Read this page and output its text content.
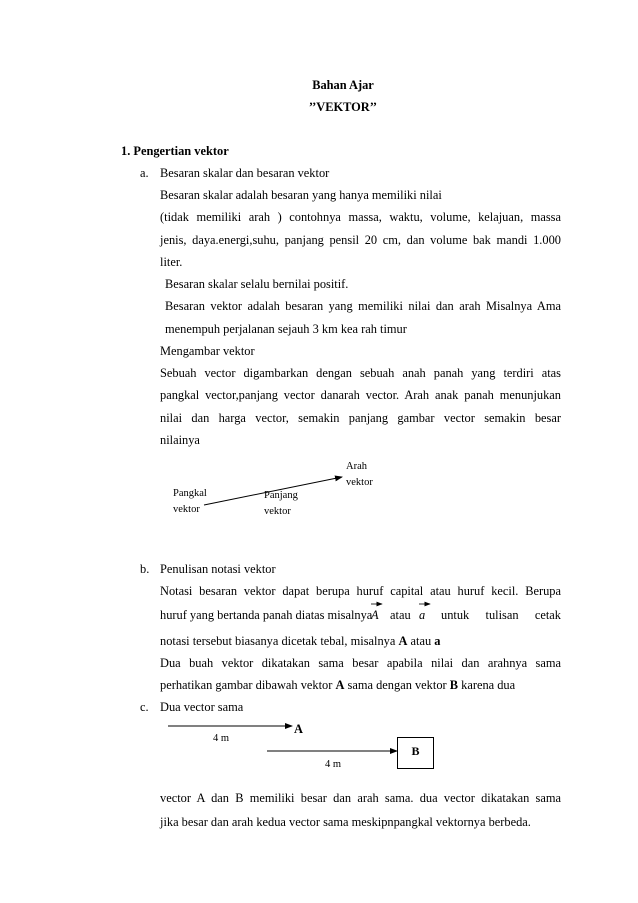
Bahan Ajar
’’VEKTOR’’
1. Pengertian vektor
a. Besaran skalar dan besaran vektor
Besaran skalar adalah besaran yang hanya memiliki nilai
(tidak memiliki arah ) contohnya massa, waktu, volume, kelajuan, massa
jenis, daya.energi,suhu, panjang pensil 20 cm, dan volume bak mandi 1.000
liter.
Besaran skalar selalu bernilai positif.
Besaran vektor adalah besaran yang memiliki nilai dan arah Misalnya Ama
menempuh perjalanan sejauh 3 km kea rah timur
Mengambar vektor
Sebuah vector digambarkan dengan sebuah anah panah yang terdiri atas
pangkal vector,panjang vector danarah vector. Arah anak panah menunjukan
nilai dan harga vector, semakin panjang gambar vector semakin besar
nilainya
Arah
vektor
Pangkal
vektor
Panjang
vektor
b. Penulisan notasi vektor
Notasi besaran vektor dapat berupa huruf capital atau huruf kecil. Berupa
huruf yang bertanda panah diatas misalnya
A atau a untuk tulisan cetak
notasi tersebut biasanya dicetak tebal, misalnya A atau a
Dua buah vektor dikatakan sama besar apabila nilai dan arahnya sama
perhatikan gambar dibawah vektor A sama dengan vektor B karena dua
c. Dua vector sama
A
4 m
B
4 m
vector A dan B memiliki besar dan arah sama. dua vector dikatakan sama
jika besar dan arah kedua vector sama meskipnpangkal vektornya berbeda.
